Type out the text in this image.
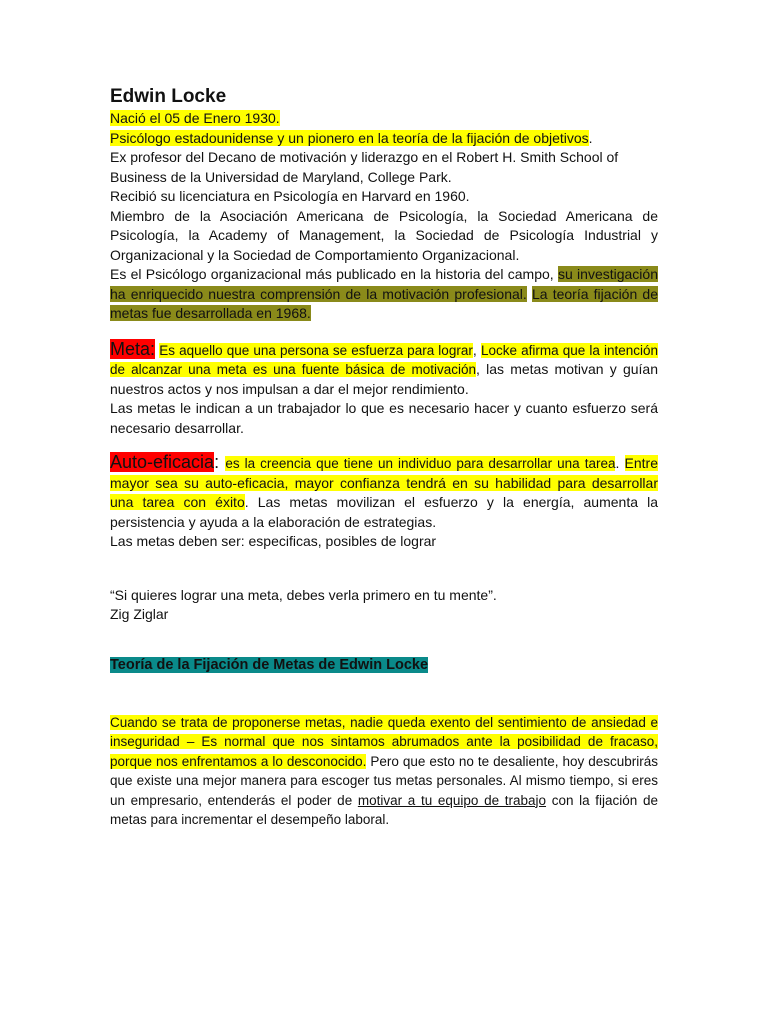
Edwin Locke
Nació el 05 de Enero 1930.
Psicólogo estadounidense y un pionero en la teoría de la fijación de objetivos.
Ex profesor del Decano de motivación y liderazgo en el Robert H. Smith School of Business de la Universidad de Maryland, College Park.
Recibió su licenciatura en Psicología en Harvard en 1960.
Miembro de la Asociación Americana de Psicología, la Sociedad Americana de Psicología, la Academy of Management, la Sociedad de Psicología Industrial y Organizacional y la Sociedad de Comportamiento Organizacional.
Es el Psicólogo organizacional más publicado en la historia del campo, su investigación ha enriquecido nuestra comprensión de la motivación profesional. La teoría fijación de metas fue desarrollada en 1968.
Meta: Es aquello que una persona se esfuerza para lograr, Locke afirma que la intención de alcanzar una meta es una fuente básica de motivación, las metas motivan y guían nuestros actos y nos impulsan a dar el mejor rendimiento.
Las metas le indican a un trabajador lo que es necesario hacer y cuanto esfuerzo será necesario desarrollar.
Auto-eficacia: es la creencia que tiene un individuo para desarrollar una tarea. Entre mayor sea su auto-eficacia, mayor confianza tendrá en su habilidad para desarrollar una tarea con éxito. Las metas movilizan el esfuerzo y la energía, aumenta la persistencia y ayuda a la elaboración de estrategias.
Las metas deben ser: especificas, posibles de lograr
“Si quieres lograr una meta, debes verla primero en tu mente”.
Zig Ziglar
Teoría de la Fijación de Metas de Edwin Locke
Cuando se trata de proponerse metas, nadie queda exento del sentimiento de ansiedad e inseguridad – Es normal que nos sintamos abrumados ante la posibilidad de fracaso, porque nos enfrentamos a lo desconocido. Pero que esto no te desaliente, hoy descubrirás que existe una mejor manera para escoger tus metas personales. Al mismo tiempo, si eres un empresario, entenderás el poder de motivar a tu equipo de trabajo con la fijación de metas para incrementar el desempeño laboral.
